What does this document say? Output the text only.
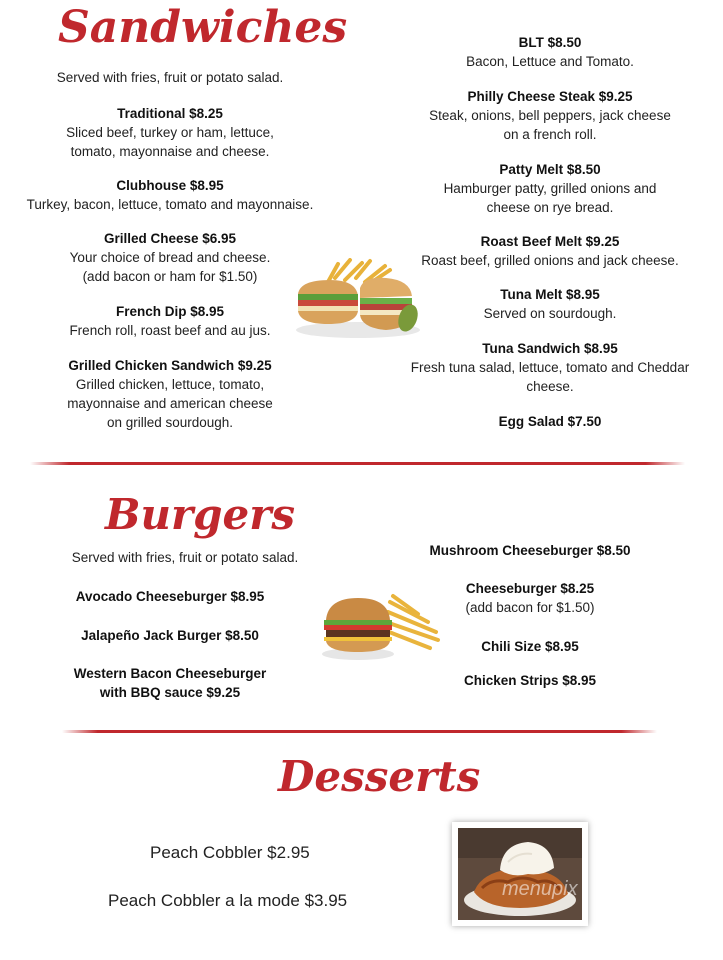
Sandwiches
Served with fries, fruit or potato salad.
Traditional $8.25
Sliced beef, turkey or ham, lettuce,
tomato, mayonnaise and cheese.
Clubhouse $8.95
Turkey, bacon, lettuce, tomato and mayonnaise.
Grilled Cheese $6.95
Your choice of bread and cheese.
(add bacon or ham for $1.50)
French Dip $8.95
French roll, roast beef and au jus.
Grilled Chicken Sandwich $9.25
Grilled chicken, lettuce, tomato,
mayonnaise and american cheese
on grilled sourdough.
BLT $8.50
Bacon, Lettuce and Tomato.
Philly Cheese Steak $9.25
Steak, onions, bell peppers, jack cheese
on a french roll.
Patty Melt $8.50
Hamburger patty, grilled onions and
cheese on rye bread.
Roast Beef Melt $9.25
Roast beef, grilled onions and jack cheese.
Tuna Melt $8.95
Served on sourdough.
Tuna Sandwich $8.95
Fresh tuna salad, lettuce, tomato and Cheddar
cheese.
Egg Salad $7.50
Burgers
Served with fries, fruit or potato salad.
Avocado Cheeseburger $8.95
Jalapeño Jack Burger $8.50
Western Bacon Cheeseburger
with BBQ sauce $9.25
Mushroom Cheeseburger $8.50
Cheeseburger $8.25
(add bacon for $1.50)
Chili Size $8.95
Chicken Strips $8.95
Desserts
Peach Cobbler $2.95
Peach Cobbler a la mode $3.95
menupix
